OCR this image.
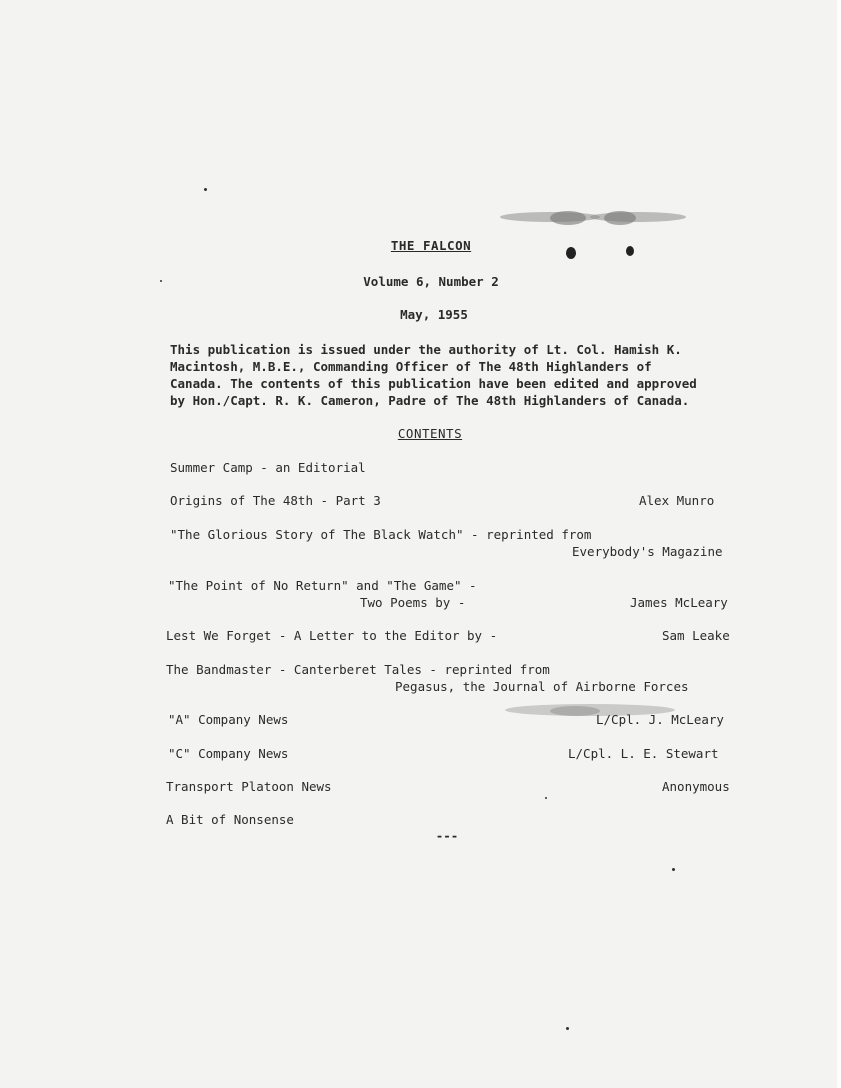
THE FALCON
Volume 6, Number 2
May, 1955
This publication is issued under the authority of Lt. Col. Hamish K.
Macintosh, M.B.E., Commanding Officer of The 48th Highlanders of
Canada. The contents of this publication have been edited and approved
by Hon./Capt. R. K. Cameron, Padre of The 48th Highlanders of Canada.
CONTENTS
Summer Camp - an Editorial
Origins of The 48th - Part 3	Alex Munro
"The Glorious Story of The Black Watch" - reprinted from
Everybody's Magazine
"The Point of No Return" and "The Game" -
Two Poems by -	James McLeary
Lest We Forget - A Letter to the Editor by -	Sam Leake
The Bandmaster - Canterberet Tales - reprinted from
Pegasus, the Journal of Airborne Forces
"A" Company News	L/Cpl. J. McLeary
"C" Company News	L/Cpl. L. E. Stewart
Transport Platoon News	Anonymous
A Bit of Nonsense
---
